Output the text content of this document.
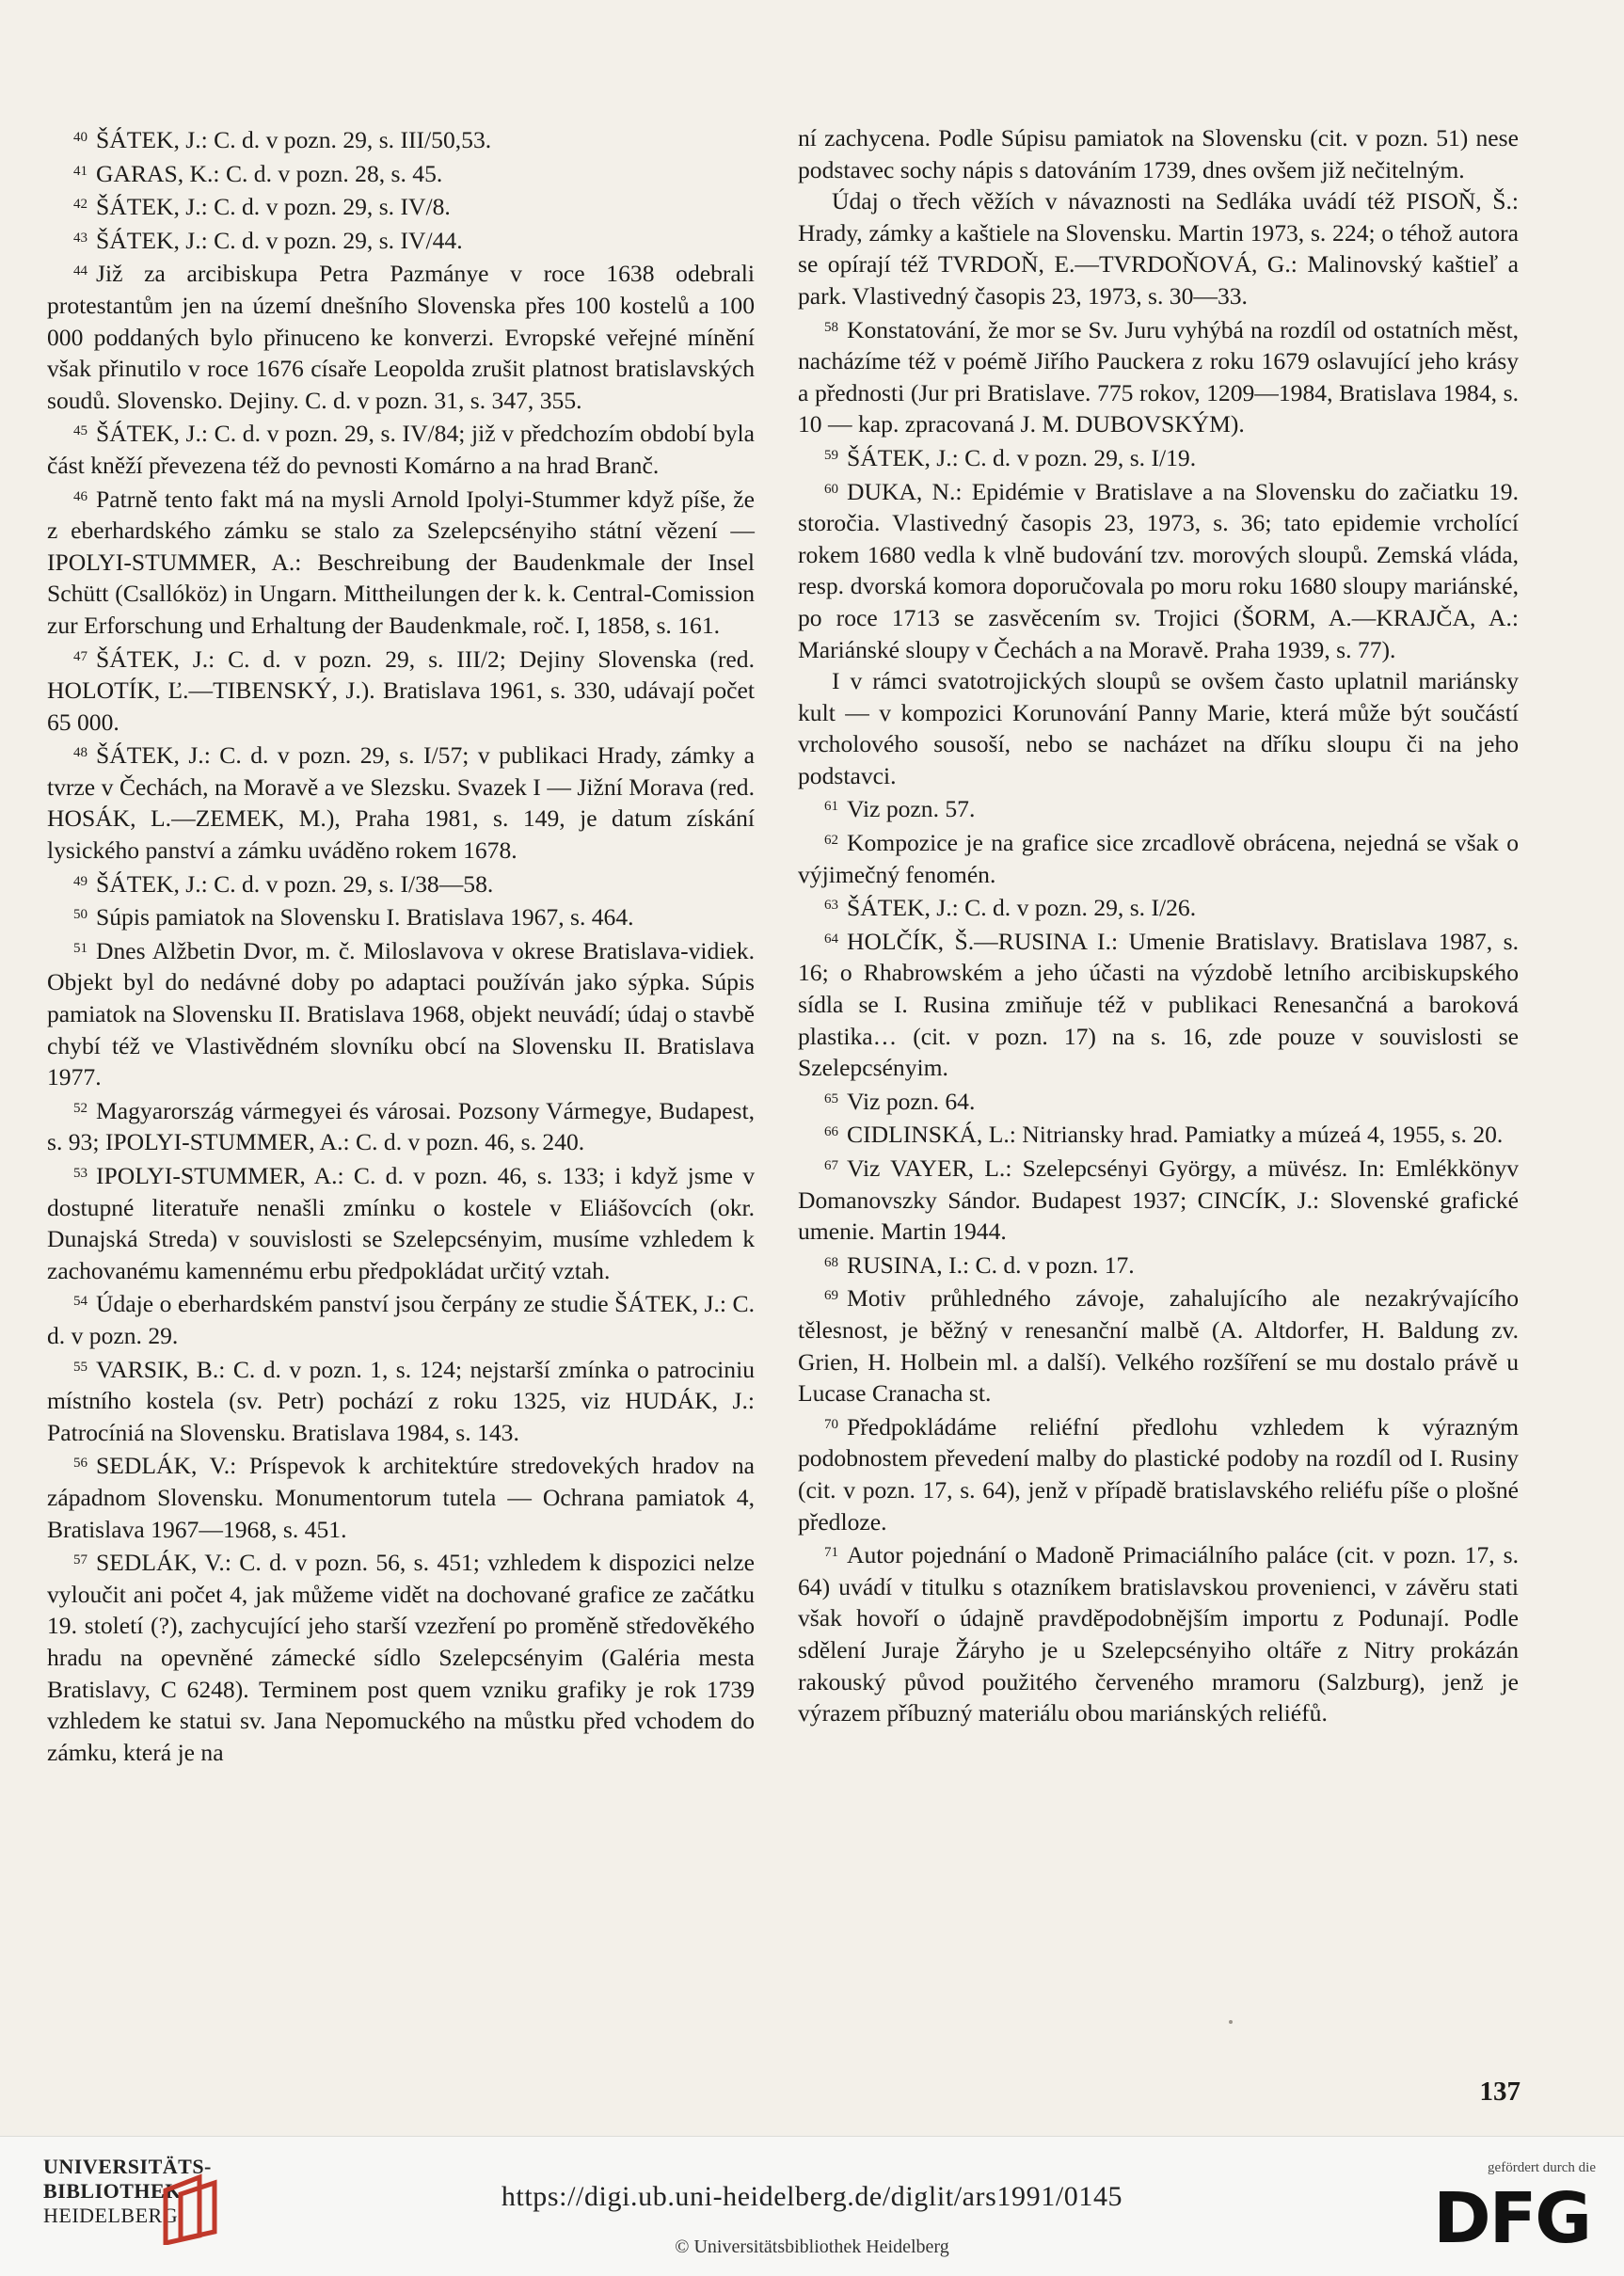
$^{40}$ ŠÁTEK, J.: C. d. v pozn. 29, s. III/50,53.

$^{41}$ GARAS, K.: C. d. v pozn. 28, s. 45.

$^{42}$ ŠÁTEK, J.: C. d. v pozn. 29, s. IV/8.

$^{43}$ ŠÁTEK, J.: C. d. v pozn. 29, s. IV/44.

$^{44}$ Již za arcibiskupa Petra Pazmánye v roce 1638 odebrali protestantům jen na území dnešního Slovenska přes 100 kostelů a 100 000 poddaných bylo přinuceno ke konverzi. Evropské veřejné mínění však přinutilo v roce 1676 císaře Leopolda zrušit platnost bratislavských soudů. Slovensko. Dejiny. C. d. v pozn. 31, s. 347, 355.

$^{45}$ ŠÁTEK, J.: C. d. v pozn. 29, s. IV/84; již v předchozím období byla část kněží převezena též do pevnosti Komárno a na hrad Branč.

$^{46}$ Patrně tento fakt má na mysli Arnold Ipolyi-Stummer když píše, že z eberhardského zámku se stalo za Szelepcsényiho státní vězení — IPOLYI-STUMMER, A.: Beschreibung der Baudenkmale der Insel Schütt (Csallóköz) in Ungarn. Mittheilungen der k. k. Central-Comission zur Erforschung und Erhaltung der Baudenkmale, roč. I, 1858, s. 161.

$^{47}$ ŠÁTEK, J.: C. d. v pozn. 29, s. III/2; Dejiny Slovenska (red. HOLOTÍK, Ľ.—TIBENSKÝ, J.). Bratislava 1961, s. 330, udávají počet 65 000.

$^{48}$ ŠÁTEK, J.: C. d. v pozn. 29, s. I/57; v publikaci Hrady, zámky a tvrze v Čechách, na Moravě a ve Slezsku. Svazek I — Jižní Morava (red. HOSÁK, L.—ZEMEK, M.), Praha 1981, s. 149, je datum získání lysického panství a zámku uváděno rokem 1678.

$^{49}$ ŠÁTEK, J.: C. d. v pozn. 29, s. I/38—58.

$^{50}$ Súpis pamiatok na Slovensku I. Bratislava 1967, s. 464.

$^{51}$ Dnes Alžbetin Dvor, m. č. Miloslavova v okrese Bratislava-vidiek. Objekt byl do nedávné doby po adaptaci používán jako sýpka. Súpis pamiatok na Slovensku II. Bratislava 1968, objekt neuvádí; údaj o stavbě chybí též ve Vlastivědném slovníku obcí na Slovensku II. Bratislava 1977.

$^{52}$ Magyarország vármegyei és városai. Pozsony Vármegye, Budapest, s. 93; IPOLYI-STUMMER, A.: C. d. v pozn. 46, s. 240.

$^{53}$ IPOLYI-STUMMER, A.: C. d. v pozn. 46, s. 133; i když jsme v dostupné literatuře nenašli zmínku o kostele v Eliášovcích (okr. Dunajská Streda) v souvislosti se Szelepcsényim, musíme vzhledem k zachovanému kamennému erbu předpokládat určitý vztah.

$^{54}$ Údaje o eberhardském panství jsou čerpány ze studie ŠÁTEK, J.: C. d. v pozn. 29.

$^{55}$ VARSIK, B.: C. d. v pozn. 1, s. 124; nejstarší zmínka o patrociniu místního kostela (sv. Petr) pochází z roku 1325, viz HUDÁK, J.: Patrocíniá na Slovensku. Bratislava 1984, s. 143.

$^{56}$ SEDLÁK, V.: Príspevok k architektúre stredovekých hradov na západnom Slovensku. Monumentorum tutela — Ochrana pamiatok 4, Bratislava 1967—1968, s. 451.

$^{57}$ SEDLÁK, V.: C. d. v pozn. 56, s. 451; vzhledem k dispozici nelze vyloučit ani počet 4, jak můžeme vidět na dochované grafice ze začátku 19. století (?), zachycující jeho starší vzezření po proměně středověkého hradu na opevněné zámecké sídlo Szelepcsényim (Galéria mesta Bratislavy, C 6248). Terminem post quem vzniku grafiky je rok 1739 vzhledem ke statui sv. Jana Nepomuckého na můstku před vchodem do zámku, která je na

ní zachycena. Podle Súpisu pamiatok na Slovensku (cit. v pozn. 51) nese podstavec sochy nápis s datováním 1739, dnes ovšem již nečitelným.

Údaj o třech věžích v návaznosti na Sedláka uvádí též PISOŇ, Š.: Hrady, zámky a kaštiele na Slovensku. Martin 1973, s. 224; o téhož autora se opírají též TVRDOŇ, E.—TVRDOŇOVÁ, G.: Malinovský kaštieľ a park. Vlastivedný časopis 23, 1973, s. 30—33.

$^{58}$ Konstatování, že mor se Sv. Juru vyhýbá na rozdíl od ostatních měst, nacházíme též v poémě Jiřího Pauckera z roku 1679 oslavující jeho krásy a přednosti (Jur pri Bratislave. 775 rokov, 1209—1984, Bratislava 1984, s. 10 — kap. zpracovaná J. M. DUBOVSKÝM).

$^{59}$ ŠÁTEK, J.: C. d. v pozn. 29, s. I/19.

$^{60}$ DUKA, N.: Epidémie v Bratislave a na Slovensku do začiatku 19. storočia. Vlastivedný časopis 23, 1973, s. 36; tato epidemie vrcholící rokem 1680 vedla k vlně budování tzv. morových sloupů. Zemská vláda, resp. dvorská komora doporučovala po moru roku 1680 sloupy mariánské, po roce 1713 se zasvěcením sv. Trojici (ŠORM, A.—KRAJČA, A.: Mariánské sloupy v Čechách a na Moravě. Praha 1939, s. 77).

I v rámci svatotrojických sloupů se ovšem často uplatnil mariánsky kult — v kompozici Korunování Panny Marie, která může být součástí vrcholového sousoší, nebo se nacházet na dříku sloupu či na jeho podstavci.

$^{61}$ Viz pozn. 57.

$^{62}$ Kompozice je na grafice sice zrcadlově obrácena, nejedná se však o výjimečný fenomén.

$^{63}$ ŠÁTEK, J.: C. d. v pozn. 29, s. I/26.

$^{64}$ HOLČÍK, Š.—RUSINA I.: Umenie Bratislavy. Bratislava 1987, s. 16; o Rhabrowském a jeho účasti na výzdobě letního arcibiskupského sídla se I. Rusina zmiňuje též v publikaci Renesančná a baroková plastika… (cit. v pozn. 17) na s. 16, zde pouze v souvislosti se Szelepcsényim.

$^{65}$ Viz pozn. 64.

$^{66}$ CIDLINSKÁ, L.: Nitriansky hrad. Pamiatky a múzeá 4, 1955, s. 20.

$^{67}$ Viz VAYER, L.: Szelepcsényi György, a müvész. In: Emlékkönyv Domanovszky Sándor. Budapest 1937; CINCÍK, J.: Slovenské grafické umenie. Martin 1944.

$^{68}$ RUSINA, I.: C. d. v pozn. 17.

$^{69}$ Motiv průhledného závoje, zahalujícího ale nezakrývajícího tělesnost, je běžný v renesanční malbě (A. Altdorfer, H. Baldung zv. Grien, H. Holbein ml. a další). Velkého rozšíření se mu dostalo právě u Lucase Cranacha st.

$^{70}$ Předpokládáme reliéfní předlohu vzhledem k výrazným podobnostem převedení malby do plastické podoby na rozdíl od I. Rusiny (cit. v pozn. 17, s. 64), jenž v případě bratislavského reliéfu píše o plošné předloze.

$^{71}$ Autor pojednání o Madoně Primaciálního paláce (cit. v pozn. 17, s. 64) uvádí v titulku s otazníkem bratislavskou provenienci, v závěru stati však hovoří o údajně pravděpodobnějším importu z Podunají. Podle sdělení Juraje Žáryho je u Szelepcsényiho oltáře z Nitry prokázán rakouský původ použitého červeného mramoru (Salzburg), jenž je výrazem příbuzný materiálu obou mariánských reliéfů.

137
UNIVERSITÄTS-
BIBLIOTHEK
HEIDELBERG
https://digi.ub.uni-heidelberg.de/diglit/ars1991/0145
© Universitätsbibliothek Heidelberg
gefördert durch die
DFG
